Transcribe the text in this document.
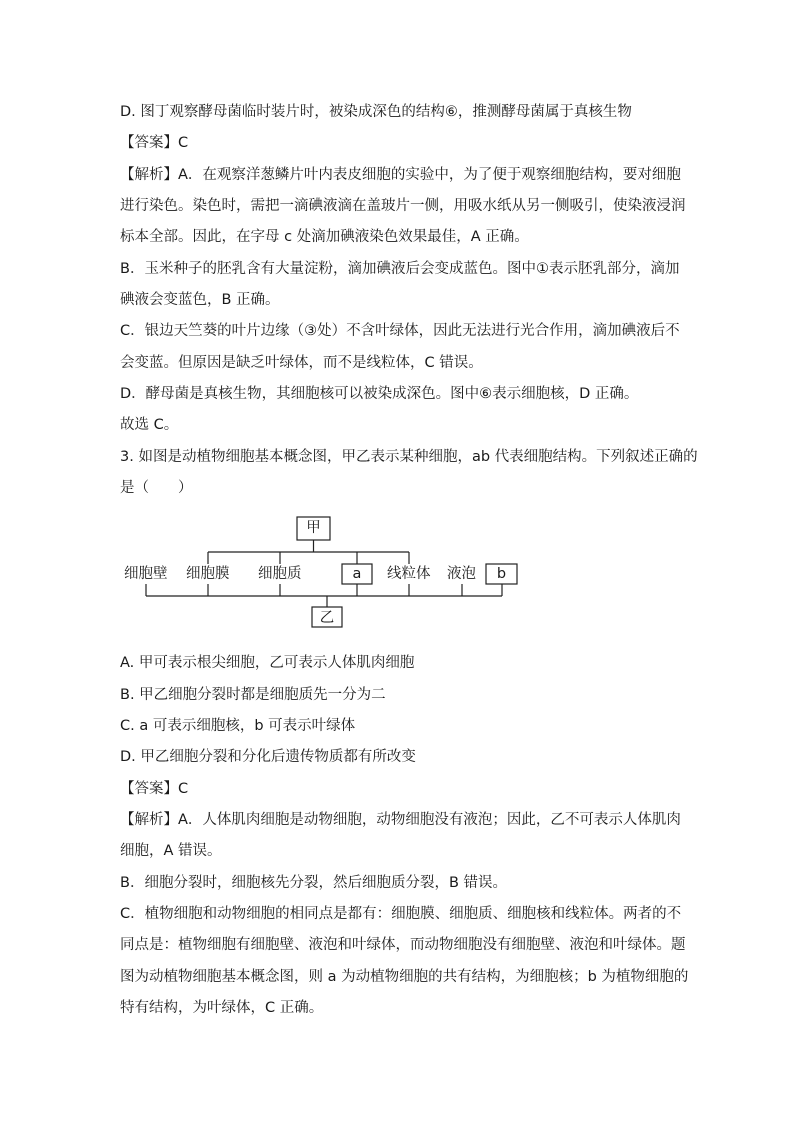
D. 图丁观察酵母菌临时装片时，被染成深色的结构⑥，推测酵母菌属于真核生物

【答案】C

【解析】A．在观察洋葱鳞片叶内表皮细胞的实验中，为了便于观察细胞结构，要对细胞

进行染色。染色时，需把一滴碘液滴在盖玻片一侧，用吸水纸从另一侧吸引，使染液浸润

标本全部。因此，在字母 c 处滴加碘液染色效果最佳，A 正确。

B．玉米种子的胚乳含有大量淀粉，滴加碘液后会变成蓝色。图中①表示胚乳部分，滴加

碘液会变蓝色，B 正确。

C．银边天竺葵的叶片边缘（③处）不含叶绿体，因此无法进行光合作用，滴加碘液后不

会变蓝。但原因是缺乏叶绿体，而不是线粒体，C 错误。

D．酵母菌是真核生物，其细胞核可以被染成深色。图中⑥表示细胞核，D 正确。

故选 C。

3. 如图是动植物细胞基本概念图，甲乙表示某种细胞，ab 代表细胞结构。下列叙述正确的

是（　　）

甲
细胞壁 细胞膜 细胞质	a	线粒体 液泡	b
乙

A. 甲可表示根尖细胞，乙可表示人体肌肉细胞

B. 甲乙细胞分裂时都是细胞质先一分为二

C. a 可表示细胞核，b 可表示叶绿体

D. 甲乙细胞分裂和分化后遗传物质都有所改变

【答案】C

【解析】A．人体肌肉细胞是动物细胞，动物细胞没有液泡；因此，乙不可表示人体肌肉

细胞，A 错误。

B．细胞分裂时，细胞核先分裂，然后细胞质分裂，B 错误。

C．植物细胞和动物细胞的相同点是都有：细胞膜、细胞质、细胞核和线粒体。两者的不

同点是：植物细胞有细胞壁、液泡和叶绿体，而动物细胞没有细胞壁、液泡和叶绿体。题

图为动植物细胞基本概念图，则 a 为动植物细胞的共有结构，为细胞核；b 为植物细胞的

特有结构，为叶绿体，C 正确。
